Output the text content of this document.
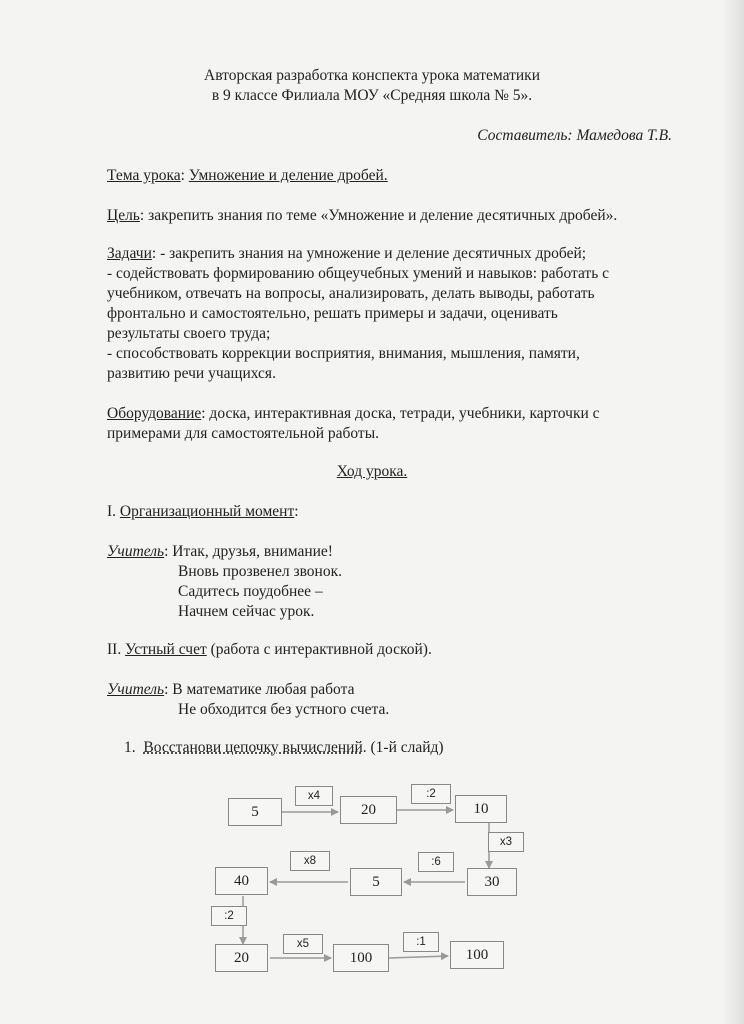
Авторская разработка конспекта урока математики
в 9 классе Филиала МОУ «Средняя школа № 5».
Составитель: Мамедова Т.В.
Тема урока: Умножение и деление дробей.
Цель: закрепить знания по теме «Умножение и деление десятичных дробей».
Задачи: - закрепить знания на умножение и деление десятичных дробей;
- содействовать формированию общеучебных умений и навыков: работать с
учебником, отвечать на вопросы, анализировать, делать выводы, работать
фронтально и самостоятельно, решать примеры и задачи, оценивать
результаты своего труда;
- способствовать коррекции восприятия, внимания, мышления, памяти,
развитию речи учащихся.
Оборудование: доска, интерактивная доска, тетради, учебники, карточки с
примерами для самостоятельной работы.
Ход урока.
I. Организационный момент:
Учитель: Итак, друзья, внимание!
Вновь прозвенел звонок.
Садитесь поудобнее –
Начнем сейчас урок.
II. Устный счет (работа с интерактивной доской).
Учитель: В математике любая работа
Не обходится без устного счета.
1. Восстанови цепочку вычислений. (1-й слайд)
5	20	10
30
5
40
20	100	100
x4	:2
x3
:6
x8
:2
x5	:1
